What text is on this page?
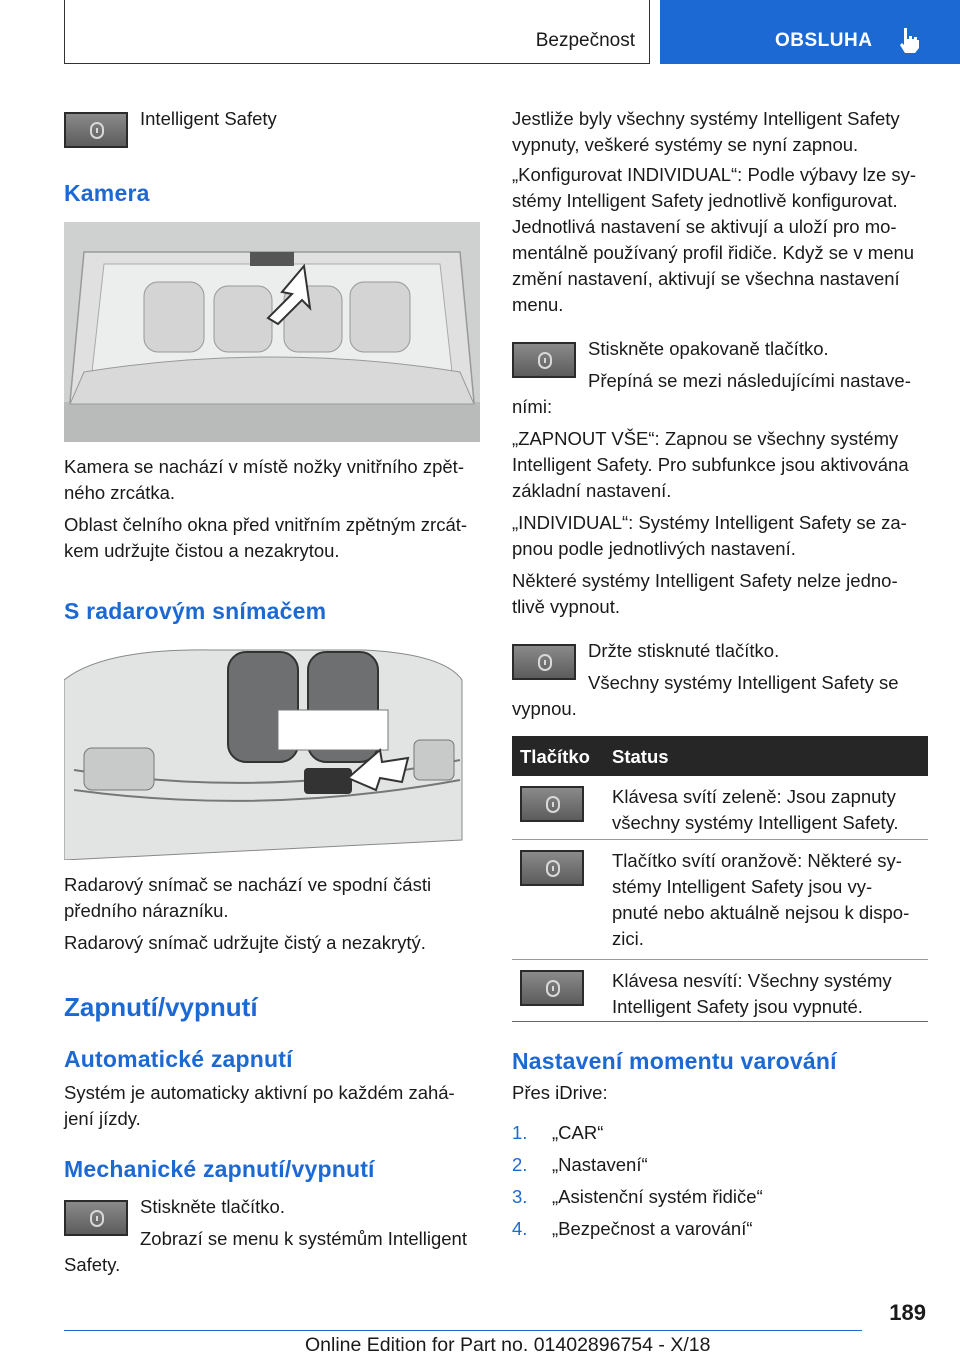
Bezpečnost	OBSLUHA
Intelligent Safety
Kamera
Kamera se nachází v místě nožky vnitřního zpět-
ného zrcátka.
Oblast čelního okna před vnitřním zpětným zrcát-
kem udržujte čistou a nezakrytou.
S radarovým snímačem
Radarový snímač se nachází ve spodní části
předního nárazníku.
Radarový snímač udržujte čistý a nezakrytý.
Zapnutí/vypnutí
Automatické zapnutí
Systém je automaticky aktivní po každém zahá-
jení jízdy.
Mechanické zapnutí/vypnutí
Stiskněte tlačítko.
Zobrazí se menu k systémům Intelligent
Safety.
Jestliže byly všechny systémy Intelligent Safety
vypnuty, veškeré systémy se nyní zapnou.
„Konfigurovat INDIVIDUAL“: Podle výbavy lze sy-
stémy Intelligent Safety jednotlivě konfigurovat.
Jednotlivá nastavení se aktivují a uloží pro mo-
mentálně používaný profil řidiče. Když se v menu
změní nastavení, aktivují se všechna nastavení
menu.
Stiskněte opakovaně tlačítko.
Přepíná se mezi následujícími nastave-
ními:
„ZAPNOUT VŠE“: Zapnou se všechny systémy
Intelligent Safety. Pro subfunkce jsou aktivována
základní nastavení.
„INDIVIDUAL“: Systémy Intelligent Safety se za-
pnou podle jednotlivých nastavení.
Některé systémy Intelligent Safety nelze jedno-
tlivě vypnout.
Držte stisknuté tlačítko.
Všechny systémy Intelligent Safety se
vypnou.
Nastavení momentu varování
Přes iDrive:
1. „CAR“
2. „Nastavení“
3. „Asistenční systém řidiče“
4. „Bezpečnost a varování“
Tlačítko Status
Klávesa svítí zeleně: Jsou zapnuty
všechny systémy Intelligent Safety.
Tlačítko svítí oranžově: Některé sy-
stémy Intelligent Safety jsou vy-
pnuté nebo aktuálně nejsou k dispo-
zici.
Klávesa nesvítí: Všechny systémy
Intelligent Safety jsou vypnuté.
189
Online Edition for Part no. 01402896754 - X/18
